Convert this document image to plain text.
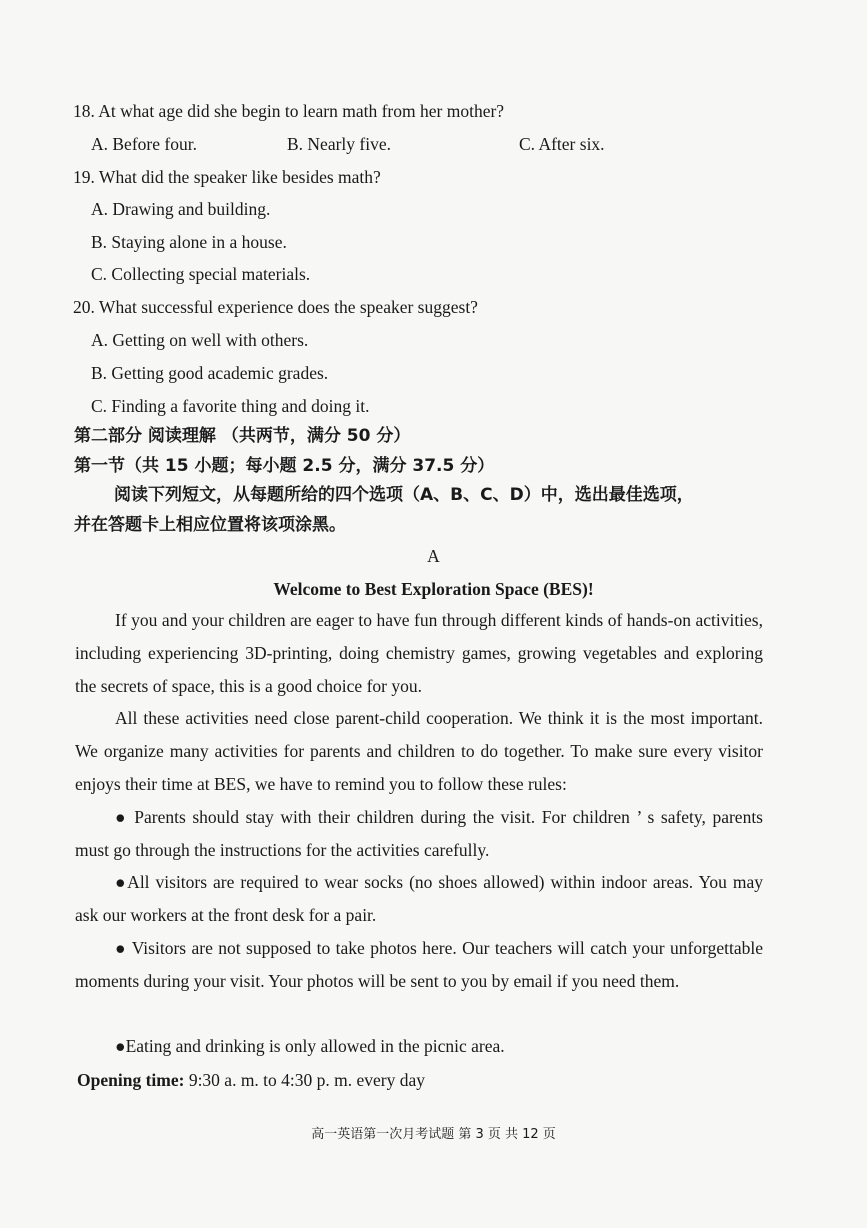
18. At what age did she begin to learn math from her mother?
A. Before four.	B. Nearly five.	C. After six.
19. What did the speaker like besides math?
A. Drawing and building.
B. Staying alone in a house.
C. Collecting special materials.
20. What successful experience does the speaker suggest?
A. Getting on well with others.
B. Getting good academic grades.
C. Finding a favorite thing and doing it.
第二部分 阅读理解 （共两节，满分 50 分）
第一节（共 15 小题；每小题 2.5 分，满分 37.5 分）
阅读下列短文，从每题所给的四个选项（A、B、C、D）中，选出最佳选项，
并在答题卡上相应位置将该项涂黑。
A
Welcome to Best Exploration Space (BES)!
If you and your children are eager to have fun through different kinds of hands-on activities, including experiencing 3D-printing, doing chemistry games, growing vegetables and exploring the secrets of space, this is a good choice for you.
All these activities need close parent-child cooperation. We think it is the most important. We organize many activities for parents and children to do together. To make sure every visitor enjoys their time at BES, we have to remind you to follow these rules:
● Parents should stay with their children during the visit. For children ’ s safety, parents must go through the instructions for the activities carefully.
●All visitors are required to wear socks (no shoes allowed) within indoor areas. You may ask our workers at the front desk for a pair.
● Visitors are not supposed to take photos here. Our teachers will catch your unforgettable moments during your visit. Your photos will be sent to you by email if you need them.
●Eating and drinking is only allowed in the picnic area.
Opening time: 9:30 a. m. to 4:30 p. m. every day
高一英语第一次月考试题 第 3 页 共 12 页
